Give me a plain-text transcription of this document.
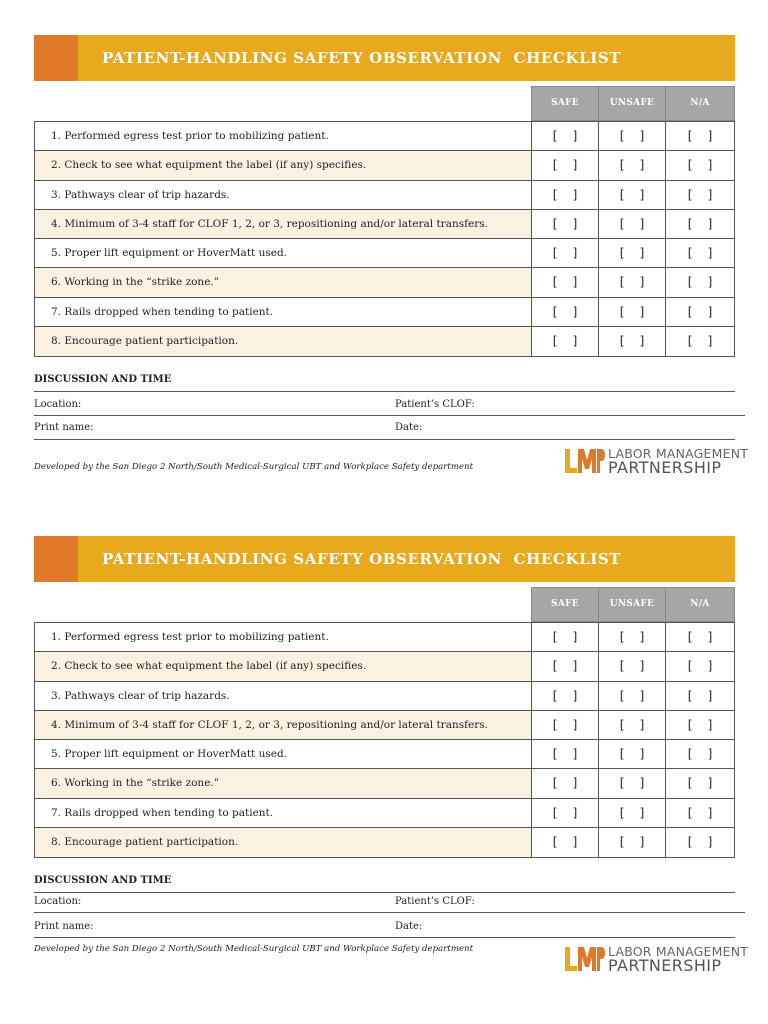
PATIENT-HANDLING SAFETY OBSERVATION  CHECKLIST
SAFE	UNSAFE	N/A
1. Performed egress test prior to mobilizing patient.	[    ]	[    ]	[    ]
2. Check to see what equipment the label (if any) specifies.	[    ]	[    ]	[    ]
3. Pathways clear of trip hazards.	[    ]	[    ]	[    ]
4. Minimum of 3-4 staff for CLOF 1, 2, or 3, repositioning and/or lateral transfers.	[    ]	[    ]	[    ]
5. Proper lift equipment or HoverMatt used.	[    ]	[    ]	[    ]
6. Working in the “strike zone.”	[    ]	[    ]	[    ]
7. Rails dropped when tending to patient.	[    ]	[    ]	[    ]
8. Encourage patient participation.	[    ]	[    ]	[    ]
DISCUSSION AND TIME
Location:	Patient’s CLOF:
Print name:	Date:
Developed by the San Diego 2 North/South Medical-Surgical UBT and Workplace Safety department
LABOR MANAGEMENT
PARTNERSHIP
PATIENT-HANDLING SAFETY OBSERVATION  CHECKLIST
SAFE	UNSAFE	N/A
1. Performed egress test prior to mobilizing patient.	[    ]	[    ]	[    ]
2. Check to see what equipment the label (if any) specifies.	[    ]	[    ]	[    ]
3. Pathways clear of trip hazards.	[    ]	[    ]	[    ]
4. Minimum of 3-4 staff for CLOF 1, 2, or 3, repositioning and/or lateral transfers.	[    ]	[    ]	[    ]
5. Proper lift equipment or HoverMatt used.	[    ]	[    ]	[    ]
6. Working in the “strike zone.”	[    ]	[    ]	[    ]
7. Rails dropped when tending to patient.	[    ]	[    ]	[    ]
8. Encourage patient participation.	[    ]	[    ]	[    ]
DISCUSSION AND TIME
Location:	Patient’s CLOF:
Print name:	Date:
Developed by the San Diego 2 North/South Medical-Surgical UBT and Workplace Safety department	LABOR MANAGEMENT
PARTNERSHIP
